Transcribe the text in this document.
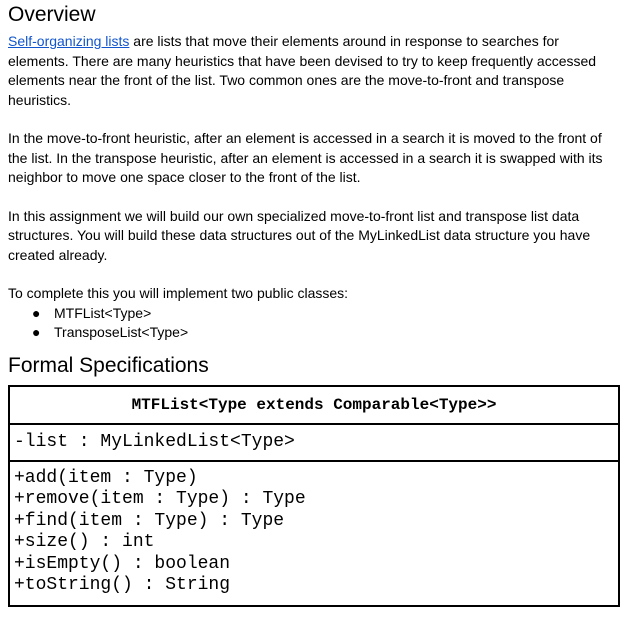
Overview

Self-organizing lists are lists that move their elements around in response to searches for elements. There are many heuristics that have been devised to try to keep frequently accessed elements near the front of the list. Two common ones are the move-to-front and transpose heuristics.

In the move-to-front heuristic, after an element is accessed in a search it is moved to the front of the list. In the transpose heuristic, after an element is accessed in a search it is swapped with its neighbor to move one space closer to the front of the list.

In this assignment we will build our own specialized move-to-front list and transpose list data structures. You will build these data structures out of the MyLinkedList data structure you have created already.

To complete this you will implement two public classes:

● MTFList<Type>
● TransposeList<Type>
Formal Specifications
MTFList<Type extends Comparable<Type>>
-list : MyLinkedList<Type>
+add(item : Type)
+remove(item : Type) : Type
+find(item : Type) : Type
+size() : int
+isEmpty() : boolean
+toString() : String
